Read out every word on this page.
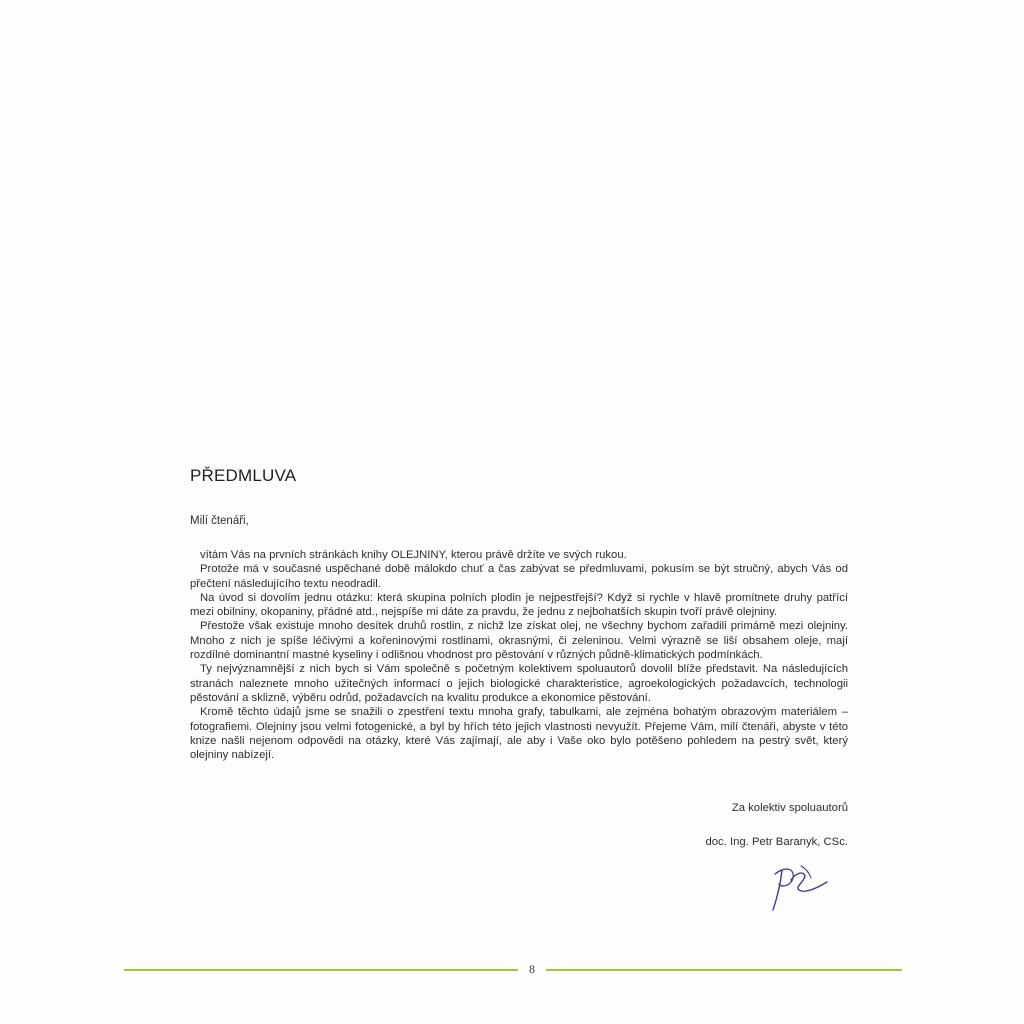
PŘEDMLUVA
Milí čtenáři,

vítám Vás na prvních stránkách knihy OLEJNINY, kterou právě držíte ve svých rukou.

Protože má v současné uspěchané době málokdo chuť a čas zabývat se předmluvami, pokusím se být stručný, abych Vás od přečtení následujícího textu neodradil.

Na úvod si dovolím jednu otázku: která skupina polních plodin je nejpestřejší? Když si rychle v hlavě promítnete druhy patřící mezi obilniny, okopaniny, přádné atd., nejspíše mi dáte za pravdu, že jednu z nejbohatších skupin tvoří právě olejniny.

Přestože však existuje mnoho desítek druhů rostlin, z nichž lze získat olej, ne všechny bychom zařadili primárně mezi olejniny. Mnoho z nich je spíše léčivými a kořeninovými rostlinami, okrasnými, či zeleninou. Velmi výrazně se liší obsahem oleje, mají rozdílné dominantní mastné kyseliny i odlišnou vhodnost pro pěstování v různých půdně-klimatických podmínkách.

Ty nejvýznamnější z nich bych si Vám společně s početným kolektivem spoluautorů dovolil blíže představit. Na následujících stranách naleznete mnoho užitečných informací o jejich biologické charakteristice, agroekologických požadavcích, technologii pěstování a sklizně, výběru odrůd, požadavcích na kvalitu produkce a ekonomice pěstování.

Kromě těchto údajů jsme se snažili o zpestření textu mnoha grafy, tabulkami, ale zejména bohatým obrazovým materiálem – fotografiemi. Olejniny jsou velmi fotogenické, a byl by hřích této jejich vlastnosti nevyužít. Přejeme Vám, milí čtenáři, abyste v této knize našli nejenom odpovědi na otázky, které Vás zajímají, ale aby i Vaše oko bylo potěšeno pohledem na pestrý svět, který olejniny nabízejí.

Za kolektiv spoluautorů
doc. Ing. Petr Baranyk, CSc.
8
